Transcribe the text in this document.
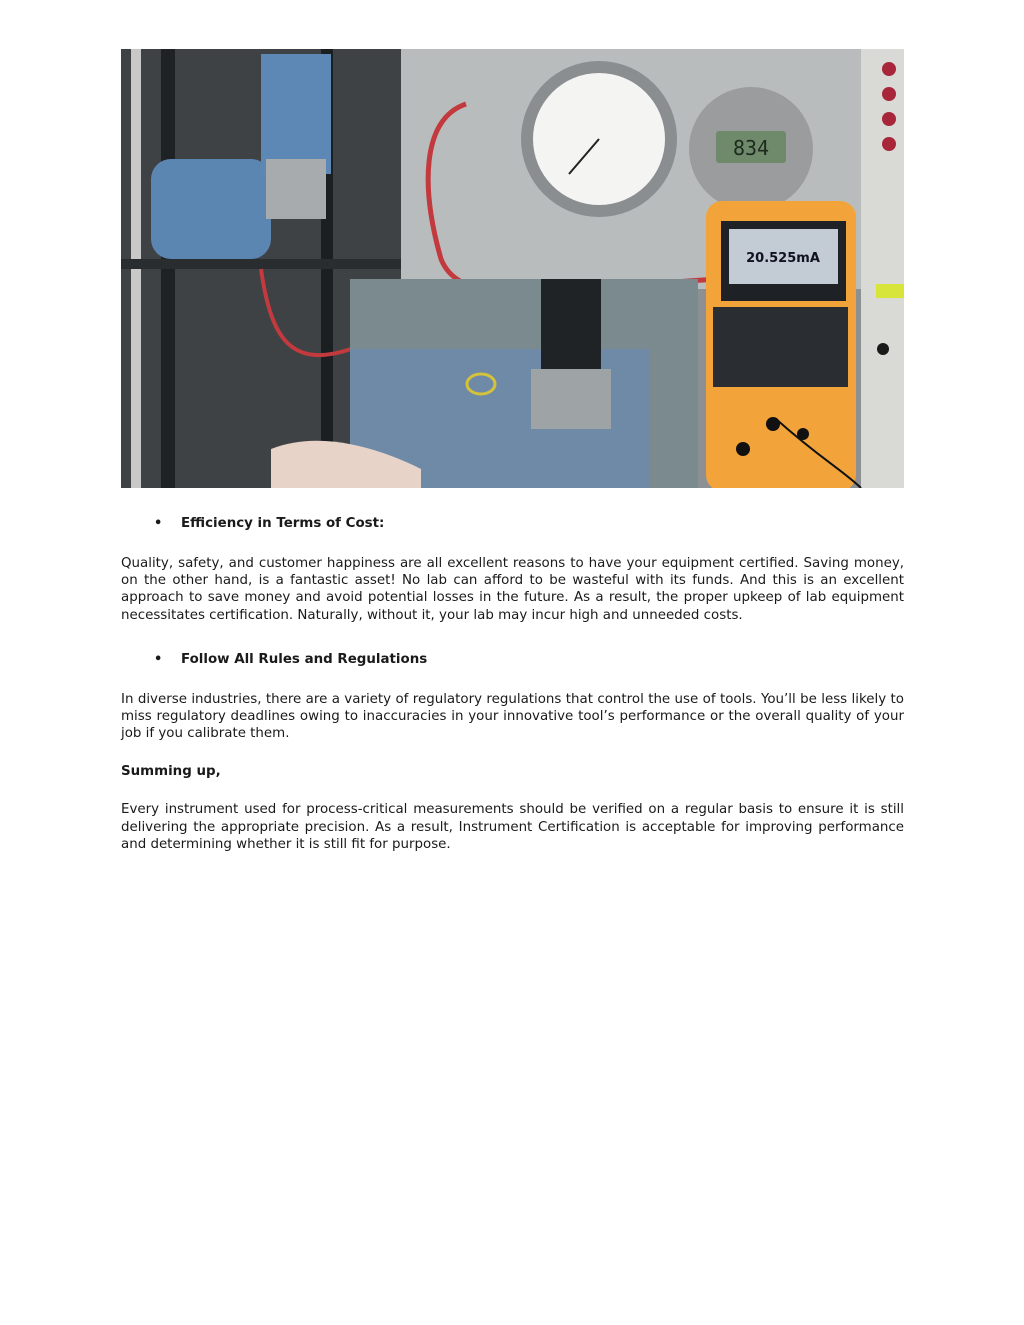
834
20.525mA
• Efficiency in Terms of Cost:

Quality, safety, and customer happiness are all excellent reasons to have your equipment certified. Saving money, on the other hand, is a fantastic asset! No lab can afford to be wasteful with its funds. And this is an excellent approach to save money and avoid potential losses in the future. As a result, the proper upkeep of lab equipment necessitates certification. Naturally, without it, your lab may incur high and unneeded costs.

• Follow All Rules and Regulations

In diverse industries, there are a variety of regulatory regulations that control the use of tools. You’ll be less likely to miss regulatory deadlines owing to inaccuracies in your innovative tool’s performance or the overall quality of your job if you calibrate them.

Summing up,

Every instrument used for process-critical measurements should be verified on a regular basis to ensure it is still delivering the appropriate precision. As a result, Instrument Certification is acceptable for improving performance and determining whether it is still fit for purpose.
